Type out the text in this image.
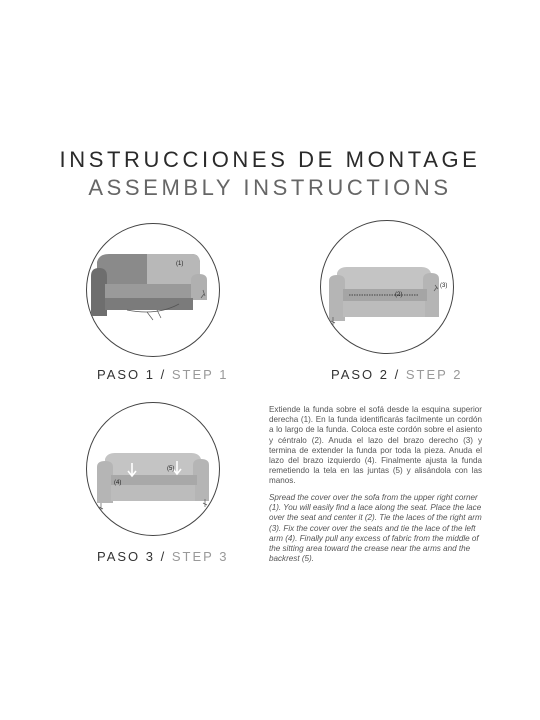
INSTRUCCIONES DE MONTAGE
ASSEMBLY INSTRUCTIONS
(1)
(2)
(3)
(4)
(5)
PASO 1 / STEP 1	PASO 2 / STEP 2
PASO 3 / STEP 3

Extiende la funda sobre el sofá desde la esquina superior derecha (1). En la funda identificarás facilmente un cordón a lo largo de la funda. Coloca este cordón sobre el asiento y céntralo (2). Anuda el lazo del brazo derecho (3) y termina de extender la funda por toda la pieza. Anuda el lazo del brazo izquierdo (4). Finalmente ajusta la funda remetiendo la tela en las juntas (5) y alisándola con las manos.

Spread the cover over the sofa from the upper right corner (1). You will easily find a lace along the seat. Place the lace over the seat and center it (2). Tie the laces of the right arm (3). Fix the cover over the seats and tie the lace of the left arm (4). Finally pull any excess of fabric from the middle of the sitting area toward the crease near the arms and the backrest (5).
